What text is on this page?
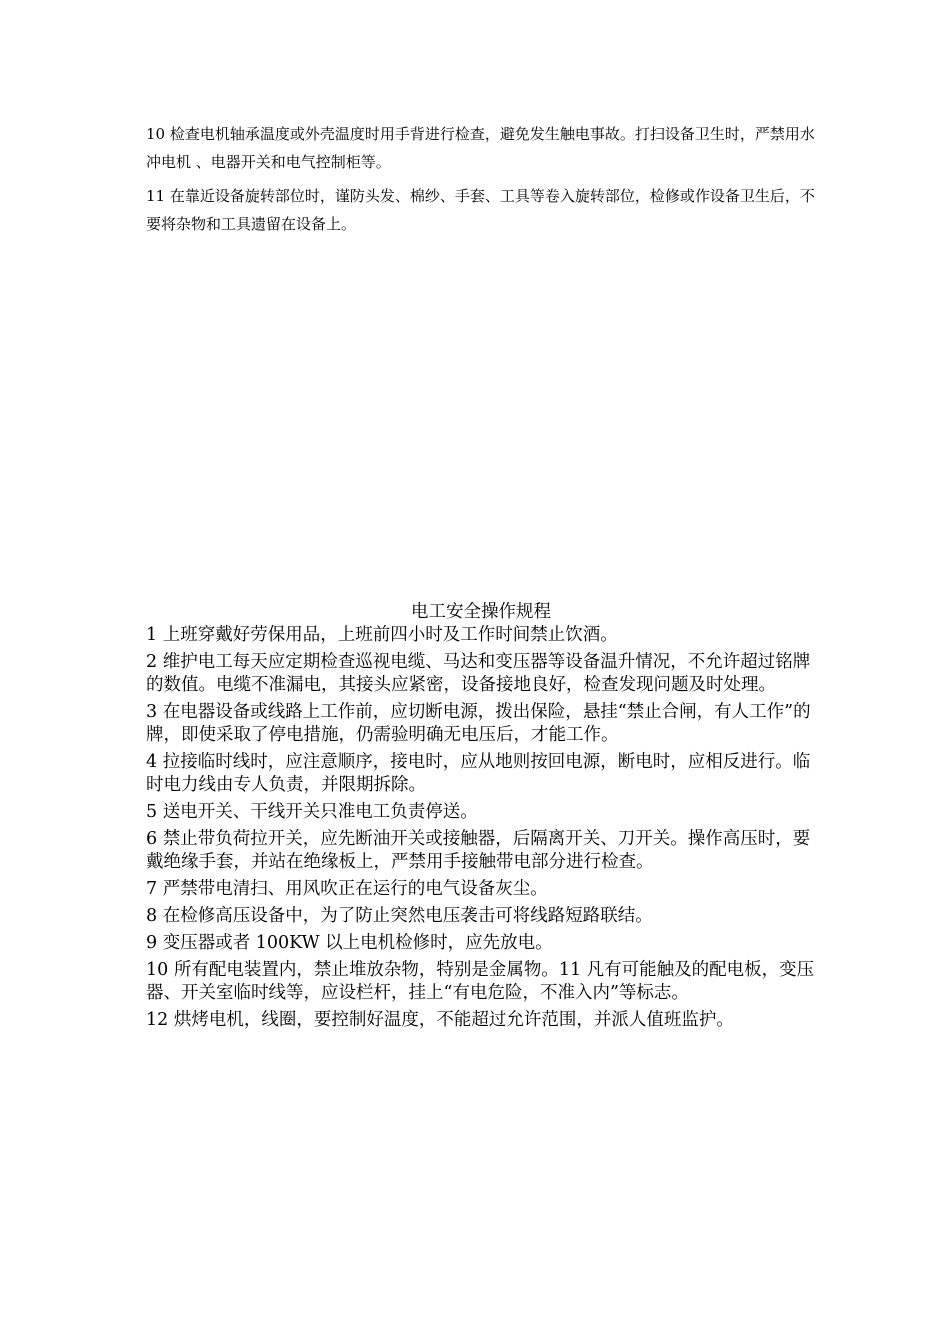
10 检查电机轴承温度或外壳温度时用手背进行检查，避免发生触电事故。打扫设备卫生时，严禁用水冲电机 、电器开关和电气控制柜等。

11 在靠近设备旋转部位时，谨防头发、棉纱、手套、工具等卷入旋转部位，检修或作设备卫生后，不要将杂物和工具遗留在设备上。

电工安全操作规程

1 上班穿戴好劳保用品，上班前四小时及工作时间禁止饮酒。

2 维护电工每天应定期检查巡视电缆、马达和变压器等设备温升情况，不允许超过铭牌的数值。电缆不准漏电，其接头应紧密，设备接地良好，检查发现问题及时处理。

3 在电器设备或线路上工作前，应切断电源，拨出保险，悬挂“禁止合闸，有人工作”的牌，即使采取了停电措施，仍需验明确无电压后，才能工作。

4 拉接临时线时，应注意顺序，接电时，应从地则按回电源，断电时，应相反进行。临时电力线由专人负责，并限期拆除。

5 送电开关、干线开关只准电工负责停送。

6 禁止带负荷拉开关，应先断油开关或接触器，后隔离开关、刀开关。操作高压时，要戴绝缘手套，并站在绝缘板上，严禁用手接触带电部分进行检查。

7 严禁带电清扫、用风吹正在运行的电气设备灰尘。

8 在检修高压设备中，为了防止突然电压袭击可将线路短路联结。

9 变压器或者 100KW 以上电机检修时，应先放电。

10 所有配电装置内，禁止堆放杂物，特别是金属物。11 凡有可能触及的配电板，变压器、开关室临时线等，应设栏杆，挂上“有电危险，不准入内”等标志。

12 烘烤电机，线圈，要控制好温度，不能超过允许范围，并派人值班监护。
